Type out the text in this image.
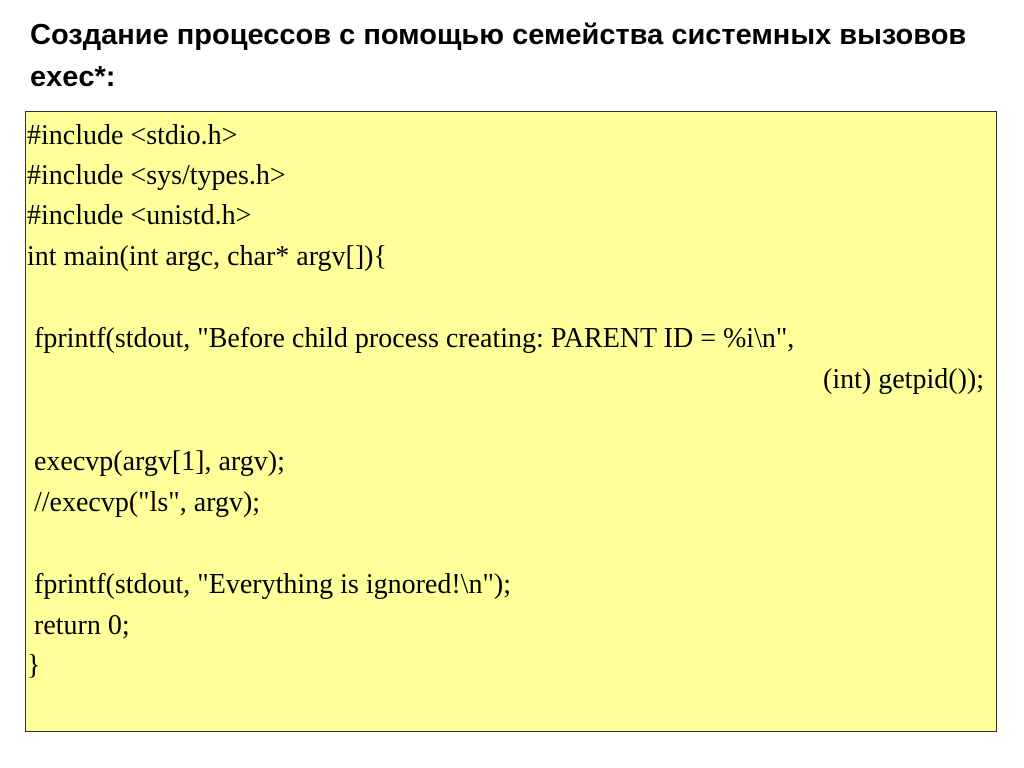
Создание процессов с помощью семейства системных вызовов exec*:
#include <stdio.h>
#include <sys/types.h>
#include <unistd.h>
int main(int argc, char* argv[]){
fprintf(stdout, "Before child process creating: PARENT ID = %i\n",
(int) getpid());
execvp(argv[1], argv);
//execvp("ls", argv);
fprintf(stdout, "Everything is ignored!\n");
return 0;
}
